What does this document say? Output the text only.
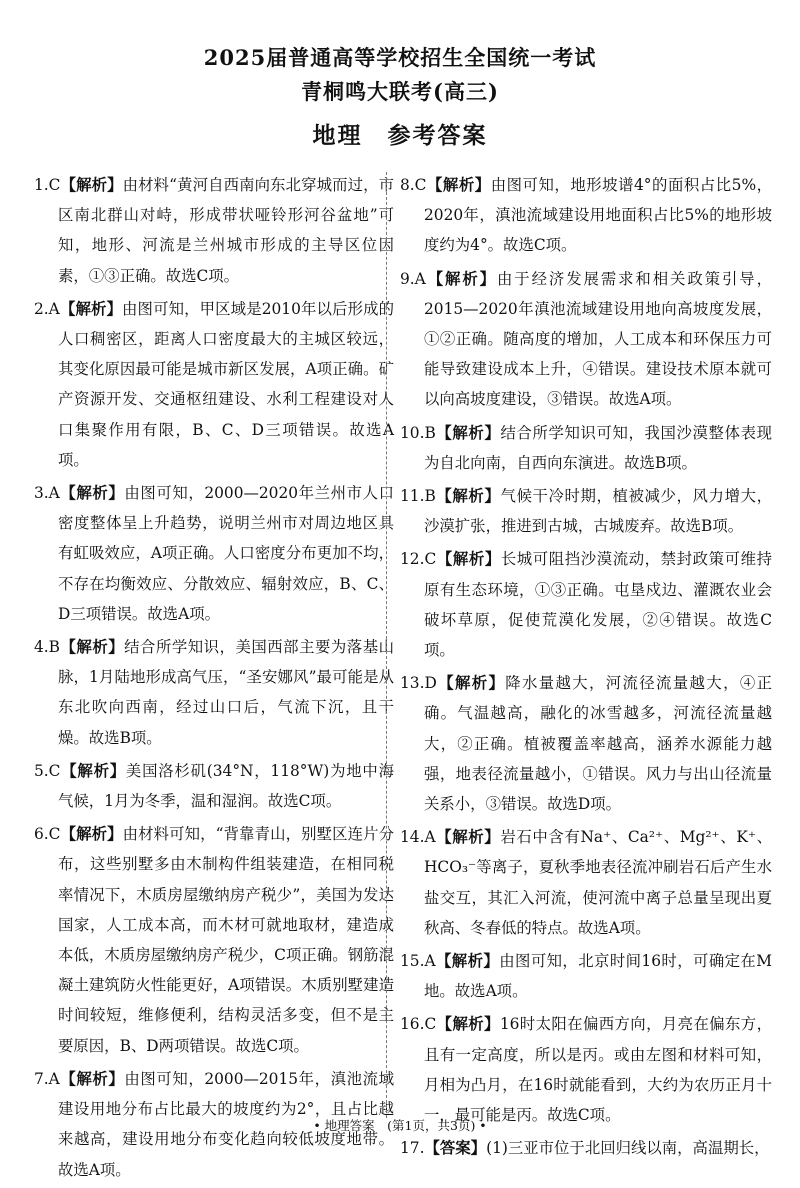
2025届普通高等学校招生全国统一考试
青桐鸣大联考(高三)
地理　参考答案

1.C【解析】由材料“黄河自西南向东北穿城而过，市区南北群山对峙，形成带状哑铃形河谷盆地”可知，地形、河流是兰州城市形成的主导区位因素，①③正确。故选C项。

2.A【解析】由图可知，甲区域是2010年以后形成的人口稠密区，距离人口密度最大的主城区较远，其变化原因最可能是城市新区发展，A项正确。矿产资源开发、交通枢纽建设、水利工程建设对人口集聚作用有限，B、C、D三项错误。故选A项。

3.A【解析】由图可知，2000—2020年兰州市人口密度整体呈上升趋势，说明兰州市对周边地区具有虹吸效应，A项正确。人口密度分布更加不均，不存在均衡效应、分散效应、辐射效应，B、C、D三项错误。故选A项。

4.B【解析】结合所学知识，美国西部主要为落基山脉，1月陆地形成高气压，“圣安娜风”最可能是从东北吹向西南，经过山口后，气流下沉，且干燥。故选B项。

5.C【解析】美国洛杉矶(34°N，118°W)为地中海气候，1月为冬季，温和湿润。故选C项。

6.C【解析】由材料可知，“背靠青山，别墅区连片分布，这些别墅多由木制构件组装建造，在相同税率情况下，木质房屋缴纳房产税少”，美国为发达国家，人工成本高，而木材可就地取材，建造成本低，木质房屋缴纳房产税少，C项正确。钢筋混凝土建筑防火性能更好，A项错误。木质别墅建造时间较短，维修便利，结构灵活多变，但不是主要原因，B、D两项错误。故选C项。

7.A【解析】由图可知，2000—2015年，滇池流域建设用地分布占比最大的坡度约为2°，且占比越来越高，建设用地分布变化趋向较低坡度地带。故选A项。

8.C【解析】由图可知，地形坡谱4°的面积占比5%，2020年，滇池流域建设用地面积占比5%的地形坡度约为4°。故选C项。

9.A【解析】由于经济发展需求和相关政策引导，2015—2020年滇池流域建设用地向高坡度发展，①②正确。随高度的增加，人工成本和环保压力可能导致建设成本上升，④错误。建设技术原本就可以向高坡度建设，③错误。故选A项。

10.B【解析】结合所学知识可知，我国沙漠整体表现为自北向南，自西向东演进。故选B项。

11.B【解析】气候干冷时期，植被减少，风力增大，沙漠扩张，推进到古城，古城废弃。故选B项。

12.C【解析】长城可阻挡沙漠流动，禁封政策可维持原有生态环境，①③正确。屯垦戍边、灌溉农业会破坏草原，促使荒漠化发展，②④错误。故选C项。

13.D【解析】降水量越大，河流径流量越大，④正确。气温越高，融化的冰雪越多，河流径流量越大，②正确。植被覆盖率越高，涵养水源能力越强，地表径流量越小，①错误。风力与出山径流量关系小，③错误。故选D项。

14.A【解析】岩石中含有Na⁺、Ca²⁺、Mg²⁺、K⁺、HCO₃⁻等离子，夏秋季地表径流冲刷岩石后产生水盐交互，其汇入河流，使河流中离子总量呈现出夏秋高、冬春低的特点。故选A项。

15.A【解析】由图可知，北京时间16时，可确定在M地。故选A项。

16.C【解析】16时太阳在偏西方向，月亮在偏东方，且有一定高度，所以是丙。或由左图和材料可知，月相为凸月，在16时就能看到，大约为农历正月十一，最可能是丙。故选C项。

17.【答案】(1)三亚市位于北回归线以南，高温期长，

• 地理答案　(第1页，共3页) •
